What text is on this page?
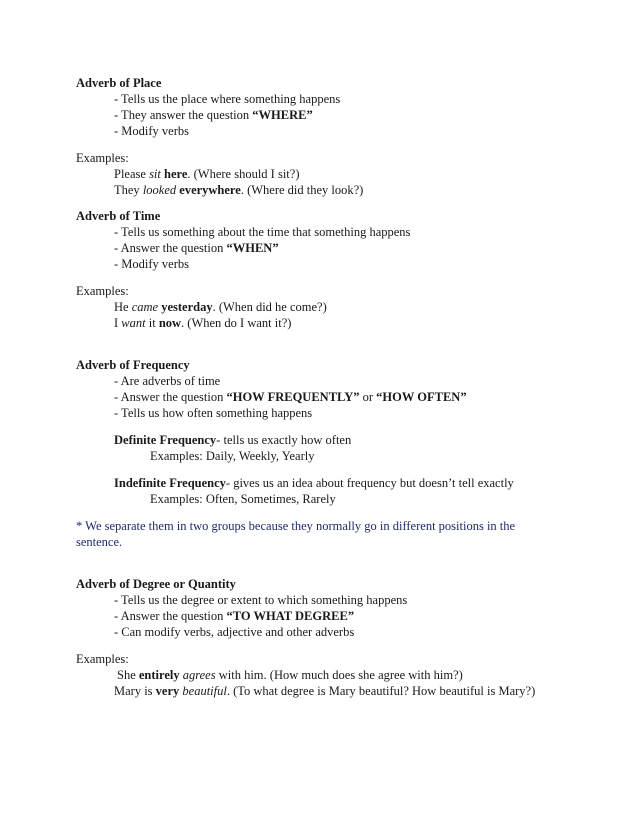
Adverb of Place
- Tells us the place where something happens
- They answer the question “WHERE”
- Modify verbs
Examples:
Please sit here. (Where should I sit?)
They looked everywhere. (Where did they look?)
Adverb of Time
- Tells us something about the time that something happens
- Answer the question “WHEN”
- Modify verbs
Examples:
He came yesterday. (When did he come?)
I want it now. (When do I want it?)
Adverb of Frequency
- Are adverbs of time
- Answer the question “HOW FREQUENTLY” or “HOW OFTEN”
- Tells us how often something happens
Definite Frequency- tells us exactly how often
Examples: Daily, Weekly, Yearly
Indefinite Frequency- gives us an idea about frequency but doesn’t tell exactly
Examples: Often, Sometimes, Rarely
* We separate them in two groups because they normally go in different positions in the
sentence.
Adverb of Degree or Quantity
- Tells us the degree or extent to which something happens
- Answer the question “TO WHAT DEGREE”
- Can modify verbs, adjective and other adverbs
Examples:
She entirely agrees with him. (How much does she agree with him?)
Mary is very beautiful. (To what degree is Mary beautiful? How beautiful is Mary?)
